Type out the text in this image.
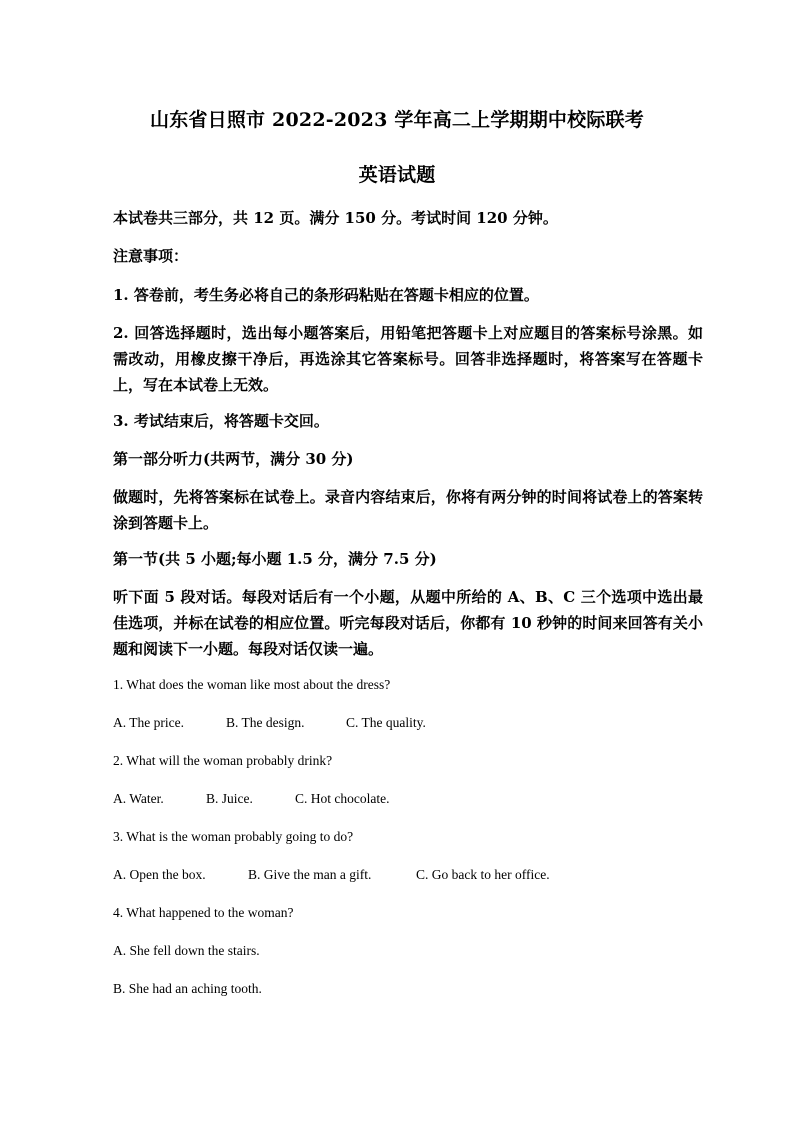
山东省日照市 2022-2023 学年高二上学期期中校际联考
英语试题

本试卷共三部分，共 12 页。满分 150 分。考试时间 120 分钟。

注意事项：

1. 答卷前，考生务必将自己的条形码粘贴在答题卡相应的位置。

2. 回答选择题时，选出每小题答案后，用铅笔把答题卡上对应题目的答案标号涂黑。如需改动，用橡皮擦干净后，再选涂其它答案标号。回答非选择题时，将答案写在答题卡上，写在本试卷上无效。

3. 考试结束后，将答题卡交回。

第一部分听力(共两节，满分 30 分)

做题时，先将答案标在试卷上。录音内容结束后，你将有两分钟的时间将试卷上的答案转涂到答题卡上。

第一节(共 5 小题;每小题 1.5 分，满分 7.5 分)

听下面 5 段对话。每段对话后有一个小题，从题中所给的 A、B、C 三个选项中选出最佳选项，并标在试卷的相应位置。听完每段对话后，你都有 10 秒钟的时间来回答有关小题和阅读下一小题。每段对话仅读一遍。

1. What does the woman like most about the dress?
A. The price.	B. The design.	C. The quality.
2. What will the woman probably drink?
A. Water.	B. Juice.	C. Hot chocolate.
3. What is the woman probably going to do?
A. Open the box.	B. Give the man a gift.	C. Go back to her office.
4. What happened to the woman?
A. She fell down the stairs.
B. She had an aching tooth.
